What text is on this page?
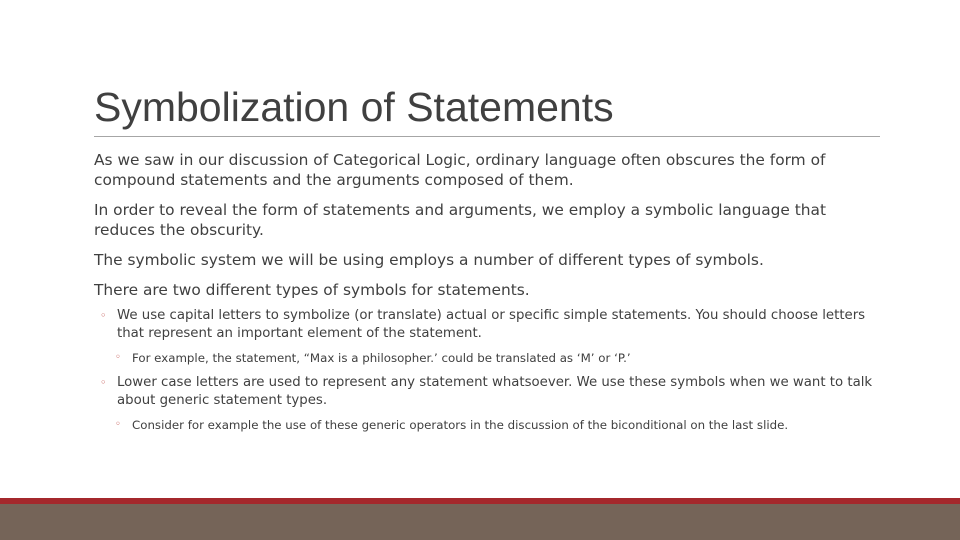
Symbolization of Statements

As we saw in our discussion of Categorical Logic, ordinary language often obscures the form of compound statements and the arguments composed of them.

In order to reveal the form of statements and arguments, we employ a symbolic language that reduces the obscurity.

The symbolic system we will be using employs a number of different types of symbols.

There are two different types of symbols for statements.

◦ We use capital letters to symbolize (or translate) actual or specific simple statements. You should choose letters that represent an important element of the statement.
◦ For example, the statement, “Max is a philosopher.’ could be translated as ‘M’ or ‘P.’
◦ Lower case letters are used to represent any statement whatsoever. We use these symbols when we want to talk about generic statement types.
◦ Consider for example the use of these generic operators in the discussion of the biconditional on the last slide.
